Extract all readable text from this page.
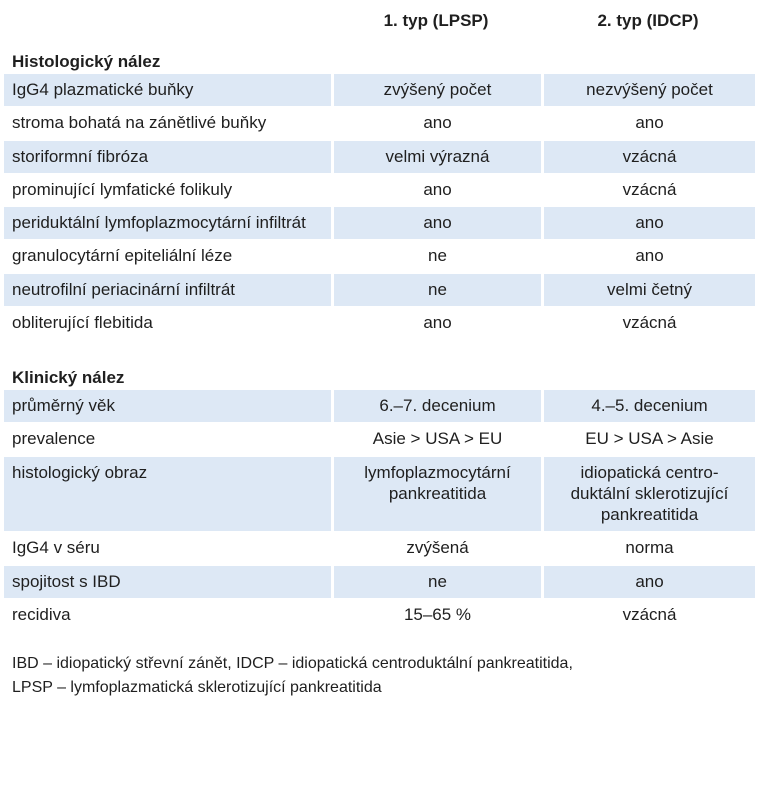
	1. typ (LPSP)	2. typ (IDCP)
Histologický nález		
IgG4 plazmatické buňky	zvýšený počet	nezvýšený počet
stroma bohatá na zánětlivé buňky	ano	ano
storiformní fibróza	velmi výrazná	vzácná
prominující lymfatické folikuly	ano	vzácná
periduktální lymfoplazmocytární infiltrát	ano	ano
granulocytární epiteliální léze	ne	ano
neutrofilní periacinární infiltrát	ne	velmi četný
obliterující flebitida	ano	vzácná

Klinický nález		
průměrný věk	6.–7. decenium	4.–5. decenium
prevalence	Asie > USA > EU	EU > USA > Asie
histologický obraz	lymfoplazmocytární pankreatitida	idiopatická centro-duktální sklerotizující pankreatitida
IgG4 v séru	zvýšená	norma
spojitost s IBD	ne	ano
recidiva	15–65 %	vzácná
IBD – idiopatický střevní zánět, IDCP – idiopatická centroduktální pankreatitida,
LPSP – lymfoplazmatická sklerotizující pankreatitida
